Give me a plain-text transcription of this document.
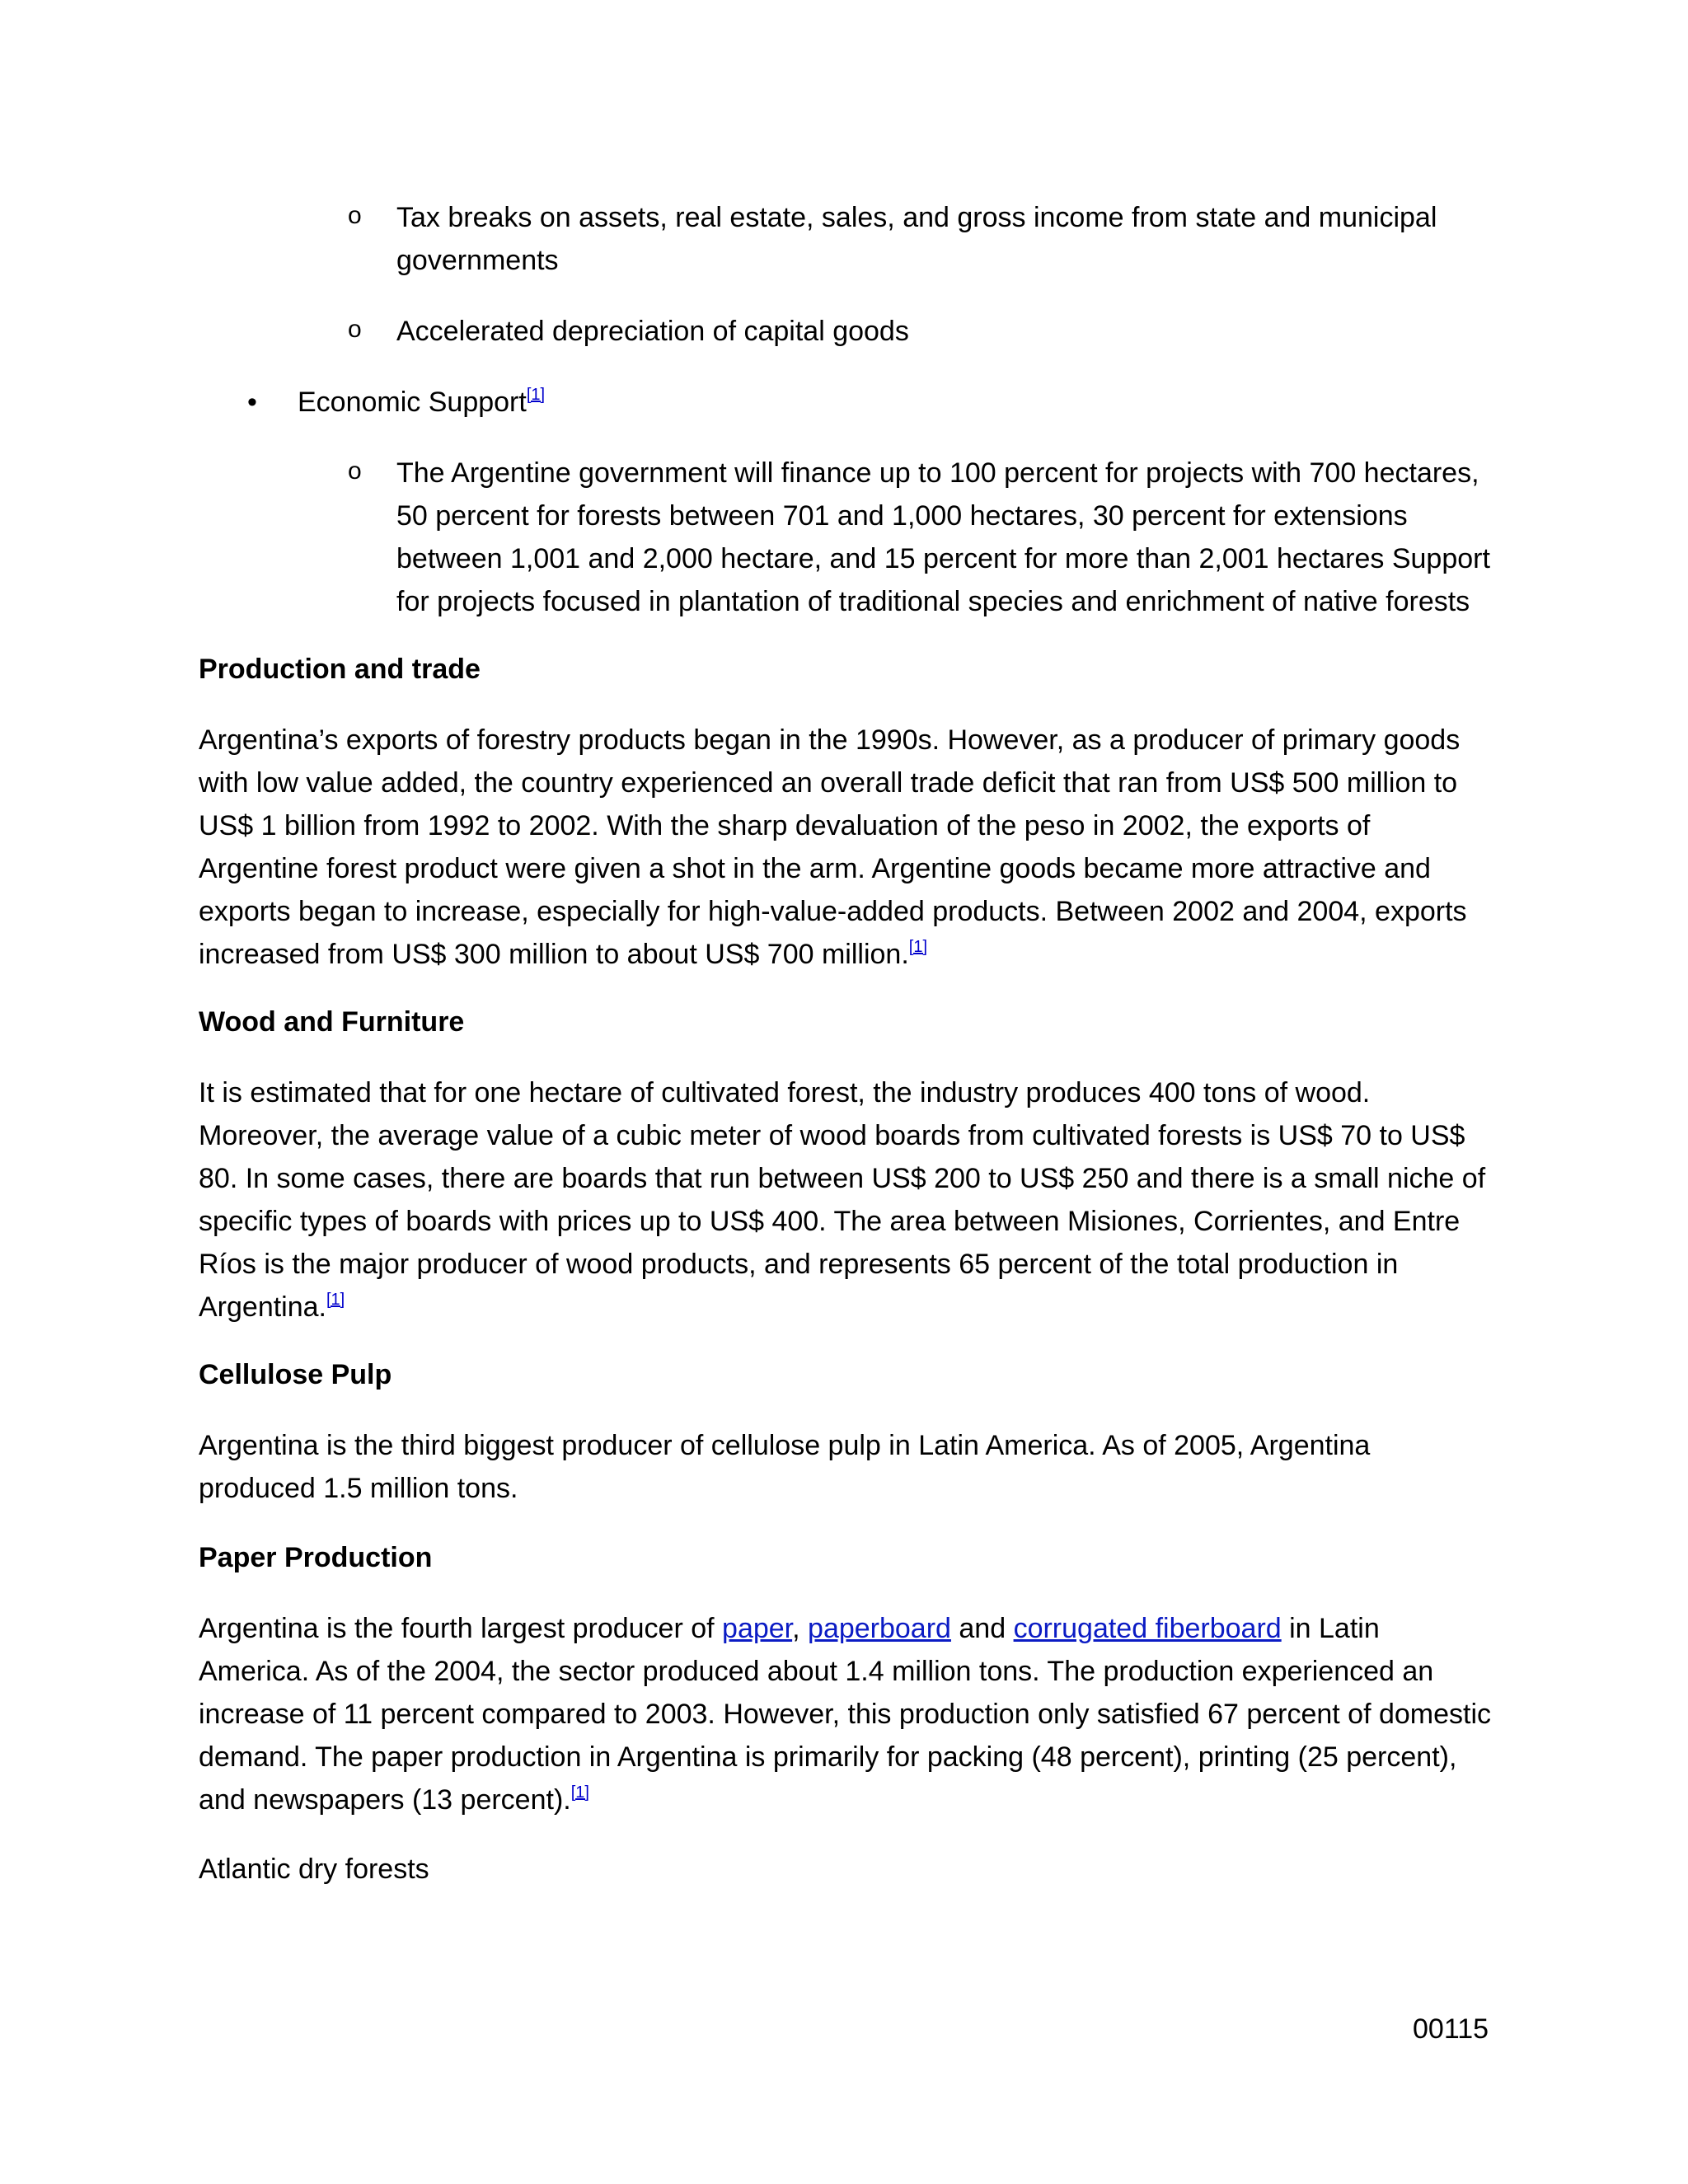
o Tax breaks on assets, real estate, sales, and gross income from state and municipal governments
o Accelerated depreciation of capital goods
• Economic Support[1]
o The Argentine government will finance up to 100 percent for projects with 700 hectares, 50 percent for forests between 701 and 1,000 hectares, 30 percent for extensions between 1,001 and 2,000 hectare, and 15 percent for more than 2,001 hectares Support for projects focused in plantation of traditional species and enrichment of native forests
Production and trade
Argentina’s exports of forestry products began in the 1990s. However, as a producer of primary goods with low value added, the country experienced an overall trade deficit that ran from US$ 500 million to US$ 1 billion from 1992 to 2002. With the sharp devaluation of the peso in 2002, the exports of Argentine forest product were given a shot in the arm. Argentine goods became more attractive and exports began to increase, especially for high-value-added products. Between 2002 and 2004, exports increased from US$ 300 million to about US$ 700 million.[1]
Wood and Furniture
It is estimated that for one hectare of cultivated forest, the industry produces 400 tons of wood. Moreover, the average value of a cubic meter of wood boards from cultivated forests is US$ 70 to US$ 80. In some cases, there are boards that run between US$ 200 to US$ 250 and there is a small niche of specific types of boards with prices up to US$ 400. The area between Misiones, Corrientes, and Entre Ríos is the major producer of wood products, and represents 65 percent of the total production in Argentina.[1]
Cellulose Pulp
Argentina is the third biggest producer of cellulose pulp in Latin America. As of 2005, Argentina produced 1.5 million tons.
Paper Production
Argentina is the fourth largest producer of paper, paperboard and corrugated fiberboard in Latin America. As of the 2004, the sector produced about 1.4 million tons. The production experienced an increase of 11 percent compared to 2003. However, this production only satisfied 67 percent of domestic demand. The paper production in Argentina is primarily for packing (48 percent), printing (25 percent), and newspapers (13 percent).[1]
Atlantic dry forests
00115
